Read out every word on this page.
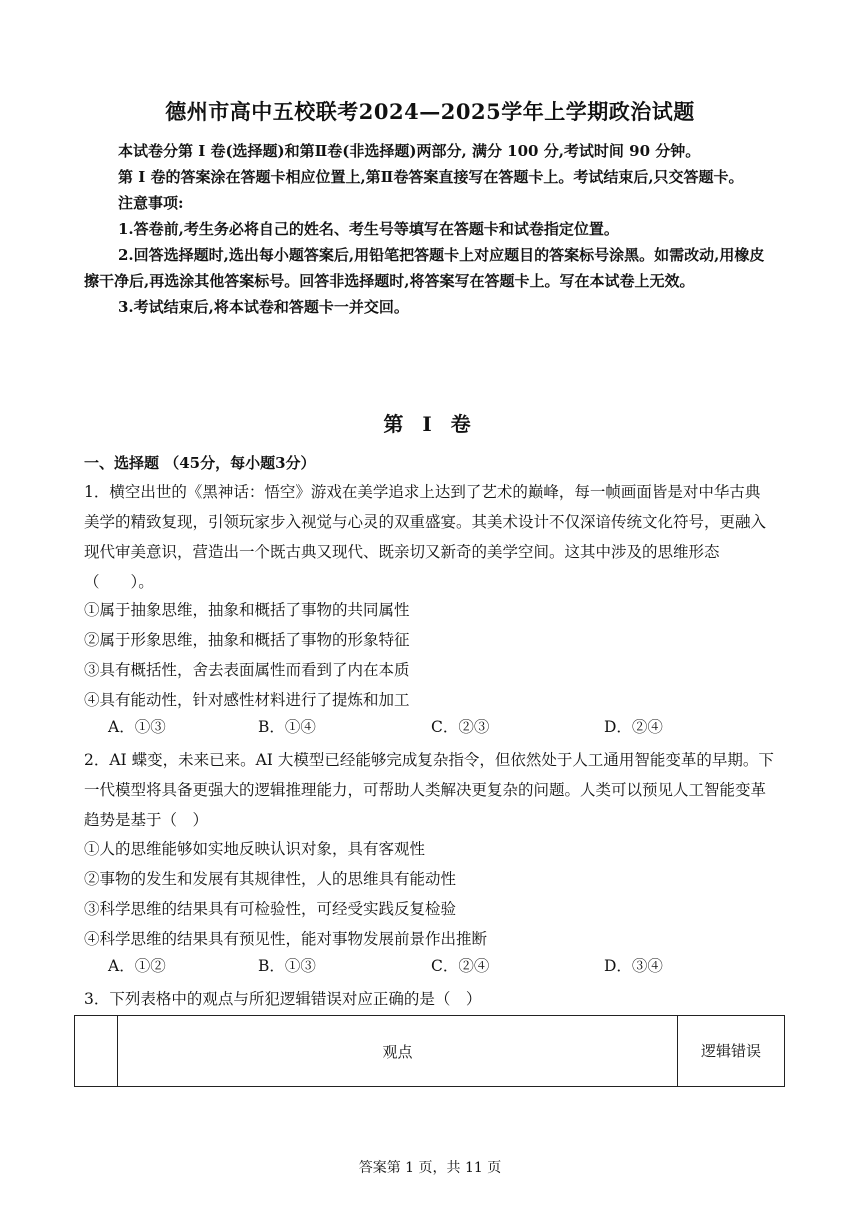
德州市高中五校联考2024—2025学年上学期政治试题
本试卷分第 Ⅰ 卷(选择题)和第Ⅱ卷(非选择题)两部分, 满分 100 分,考试时间 90 分钟。
第 Ⅰ 卷的答案涂在答题卡相应位置上,第Ⅱ卷答案直接写在答题卡上。考试结束后,只交答题卡。
注意事项:
1.答卷前,考生务必将自己的姓名、考生号等填写在答题卡和试卷指定位置。
2.回答选择题时,选出每小题答案后,用铅笔把答题卡上对应题目的答案标号涂黑。如需改动,用橡皮擦干净后,再选涂其他答案标号。回答非选择题时,将答案写在答题卡上。写在本试卷上无效。
3.考试结束后,将本试卷和答题卡一并交回。
第 Ⅰ 卷
一、选择题 （45分，每小题3分）
1．横空出世的《黑神话：悟空》游戏在美学追求上达到了艺术的巅峰，每一帧画面皆是对中华古典美学的精致复现，引领玩家步入视觉与心灵的双重盛宴。其美术设计不仅深谙传统文化符号，更融入现代审美意识，营造出一个既古典又现代、既亲切又新奇的美学空间。这其中涉及的思维形态（　　）。
①属于抽象思维，抽象和概括了事物的共同属性
②属于形象思维，抽象和概括了事物的形象特征
③具有概括性，舍去表面属性而看到了内在本质
④具有能动性，针对感性材料进行了提炼和加工
A．①③	B．①④	C．②③	D．②④
2．AI 蝶变，未来已来。AI 大模型已经能够完成复杂指令，但依然处于人工通用智能变革的早期。下一代模型将具备更强大的逻辑推理能力，可帮助人类解决更复杂的问题。人类可以预见人工智能变革趋势是基于（　）
①人的思维能够如实地反映认识对象，具有客观性
②事物的发生和发展有其规律性，人的思维具有能动性
③科学思维的结果具有可检验性，可经受实践反复检验
④科学思维的结果具有预见性，能对事物发展前景作出推断
A．①②	B．①③	C．②④	D．③④
3．下列表格中的观点与所犯逻辑错误对应正确的是（　）
	观点	逻辑错误
答案第 1 页，共 11 页
